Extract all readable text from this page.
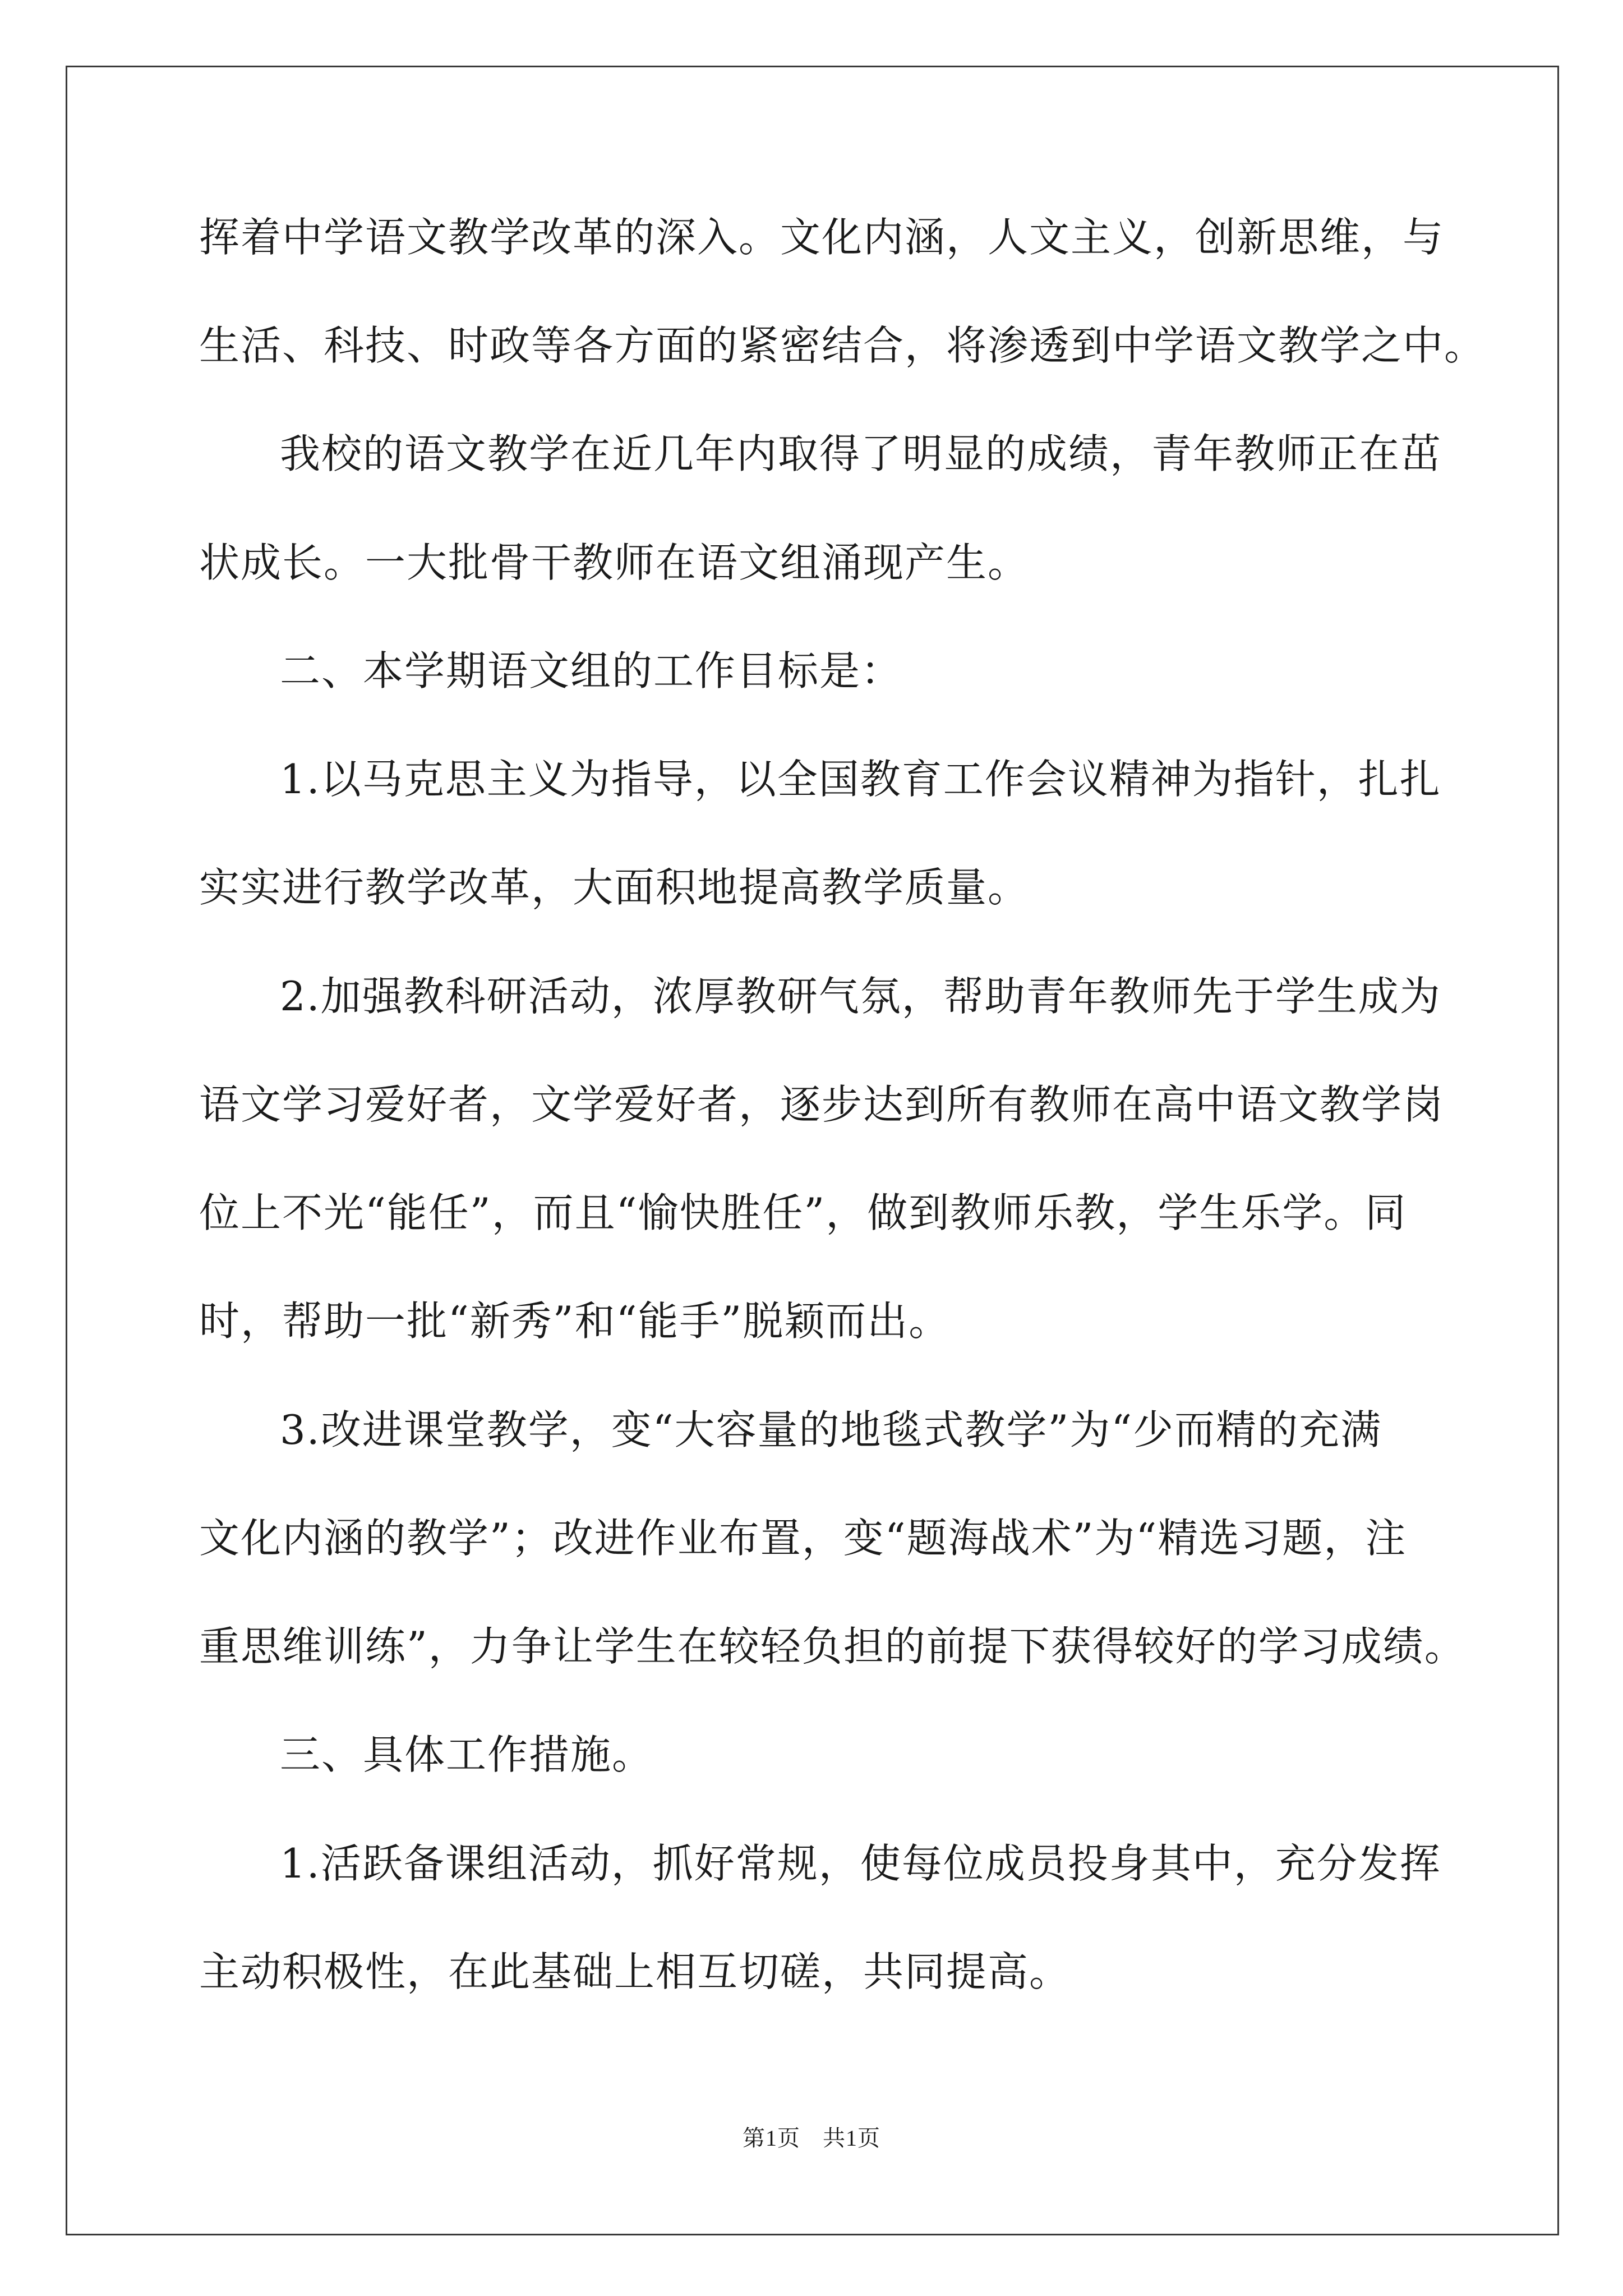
挥着中学语文教学改革的深入。文化内涵，人文主义，创新思维，与
生活、科技、时政等各方面的紧密结合，将渗透到中学语文教学之中。
我校的语文教学在近几年内取得了明显的成绩，青年教师正在茁
状成长。一大批骨干教师在语文组涌现产生。
二、本学期语文组的工作目标是：
1.以马克思主义为指导，以全国教育工作会议精神为指针，扎扎
实实进行教学改革，大面积地提高教学质量。
2.加强教科研活动，浓厚教研气氛，帮助青年教师先于学生成为
语文学习爱好者，文学爱好者，逐步达到所有教师在高中语文教学岗
位上不光“能任”，而且“愉快胜任”，做到教师乐教，学生乐学。同
时，帮助一批“新秀”和“能手”脱颖而出。
3.改进课堂教学，变“大容量的地毯式教学”为“少而精的充满
文化内涵的教学”；改进作业布置，变“题海战术”为“精选习题，注
重思维训练”，力争让学生在较轻负担的前提下获得较好的学习成绩。
三、具体工作措施。
1.活跃备课组活动，抓好常规，使每位成员投身其中，充分发挥
主动积极性，在此基础上相互切磋，共同提高。
第1页 共1页
